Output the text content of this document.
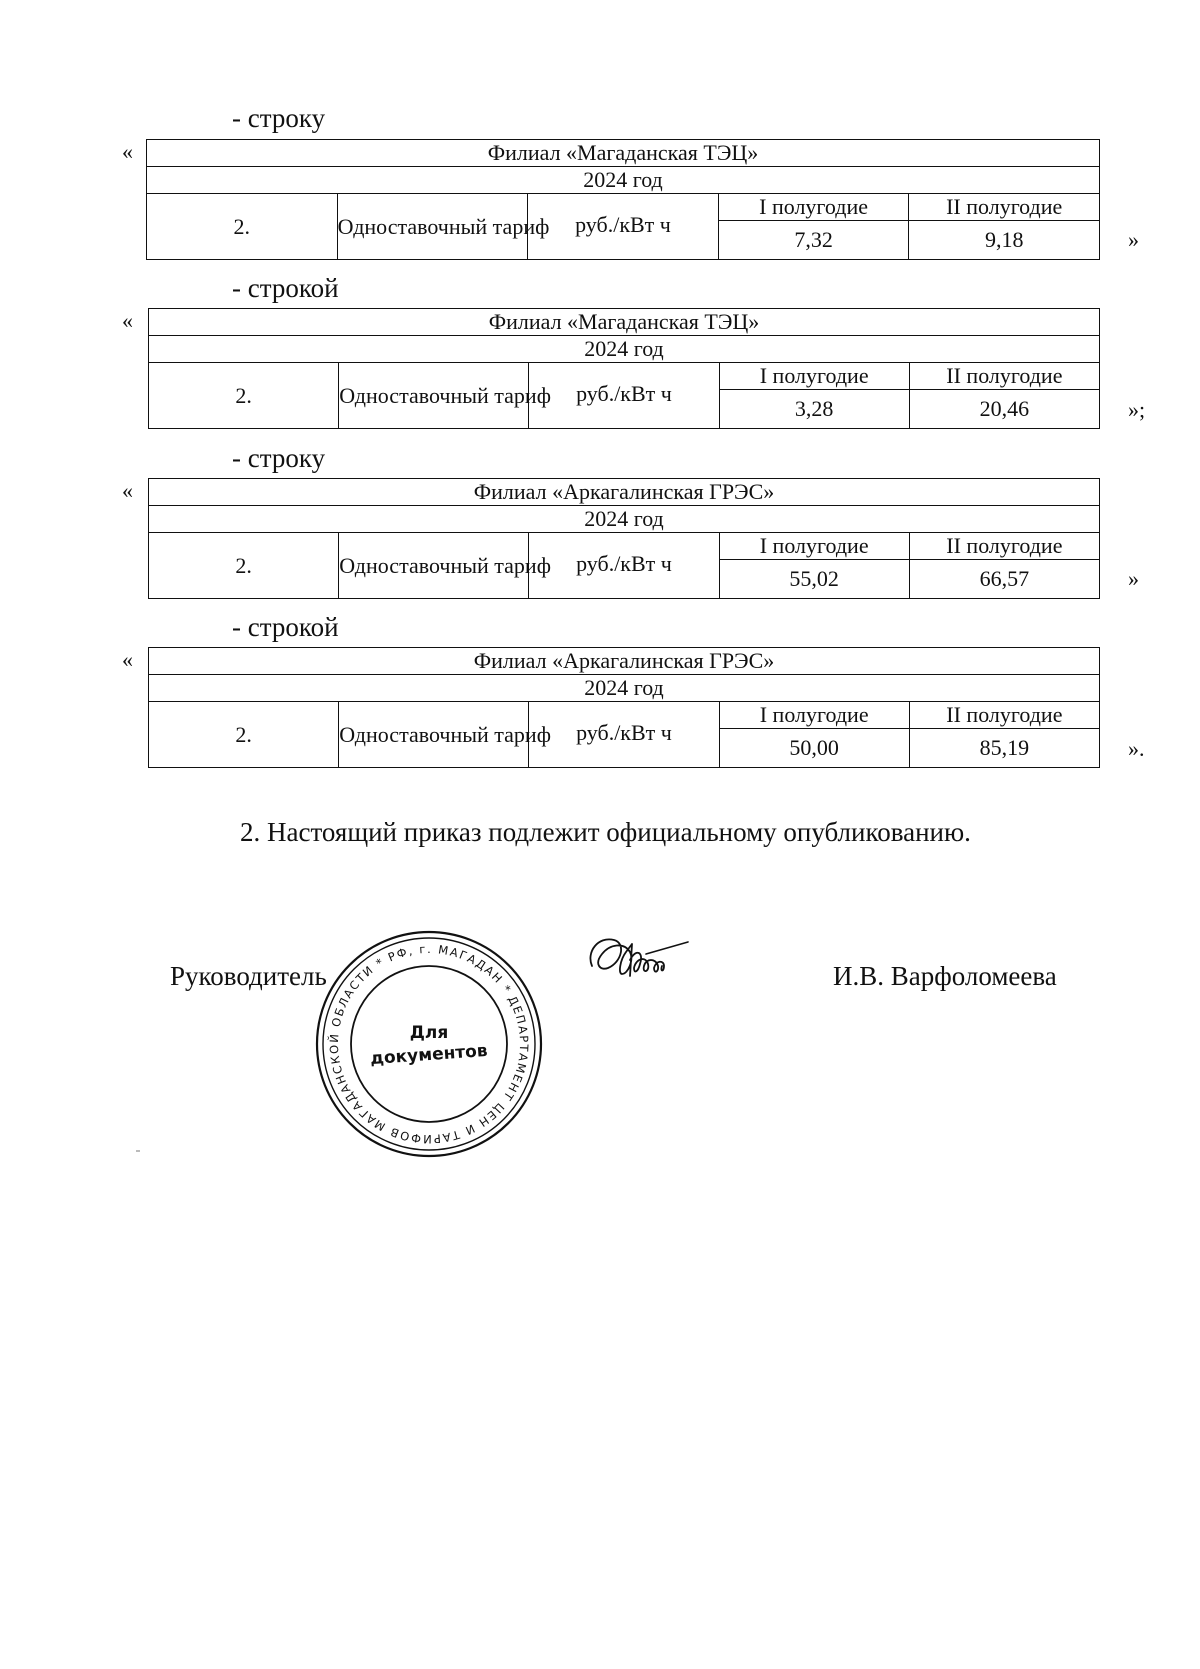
- строку
«	Филиал «Магаданская ТЭЦ»				
2024 год				
2.	Одноставочный тариф	руб./кВт ч	I полугодие	II полугодие
			7,32	9,18	»
- строкой
«	Филиал «Магаданская ТЭЦ»				
2024 год				
2.	Одноставочный тариф	руб./кВт ч	I полугодие	II полугодие
			3,28	20,46	»;
- строку
«	Филиал «Аркагалинская ГРЭС»				
2024 год				
2.	Одноставочный тариф	руб./кВт ч	I полугодие	II полугодие
			55,02	66,57	»
- строкой
«	Филиал «Аркагалинская ГРЭС»				
2024 год				
2.	Одноставочный тариф	руб./кВт ч	I полугодие	II полугодие
			50,00	85,19	».
2. Настоящий приказ подлежит официальному опубликованию.
Руководитель
ДЕПАРТАМЕНТ ЦЕН И ТАРИФОВ МАГАДАНСКОЙ ОБЛАСТИ * РФ, г. МАГАДАН *
Для
документов
И.В. Варфоломеева
